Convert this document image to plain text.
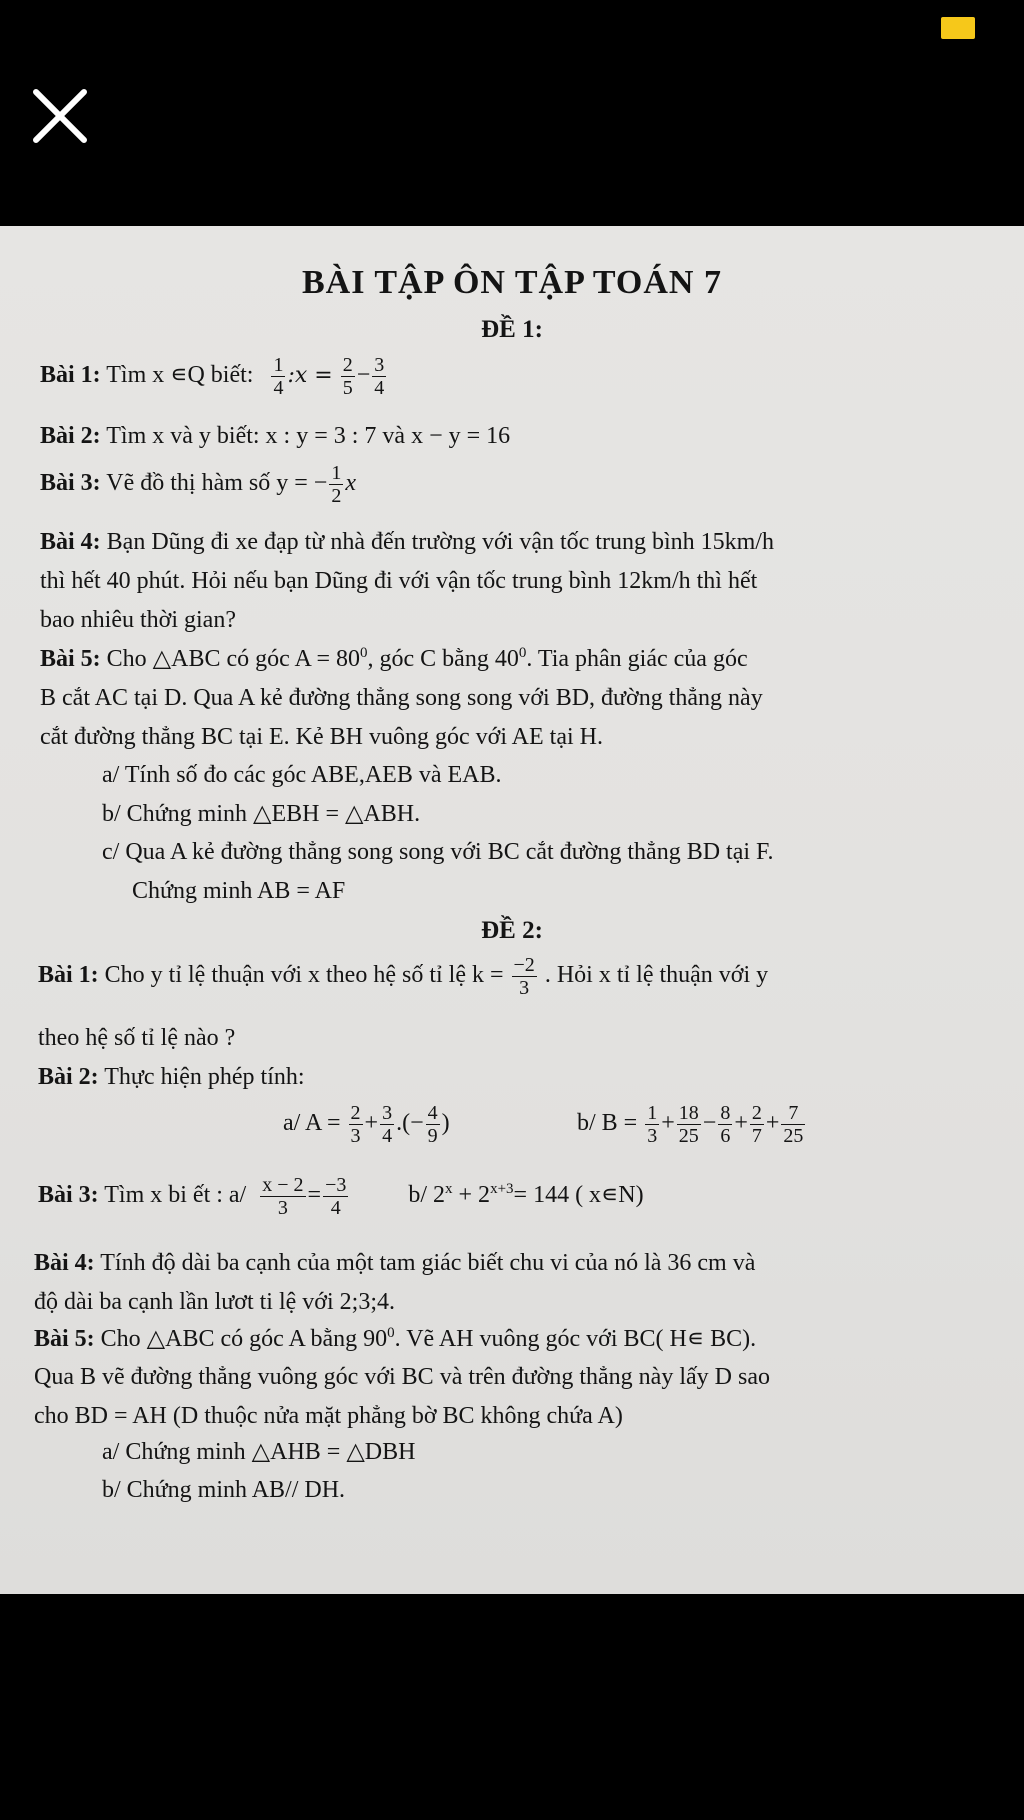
BÀI TẬP ÔN TẬP TOÁN 7
ĐỀ 1:
Bài 1: Tìm x ∊Q biết: $\frac{1}{4}$ :x = $\frac{2}{5} - \frac{3}{4}$
Bài 2: Tìm x và y biết: x : y = 3 : 7 và x − y = 16
Bài 3: Vẽ đồ thị hàm số y = − $\frac{1}{2}$ x
Bài 4: Bạn Dũng đi xe đạp từ nhà đến trường với vận tốc trung bình 15km/h
thì hết 40 phút. Hỏi nếu bạn Dũng đi với vận tốc trung bình 12km/h thì hết
bao nhiêu thời gian?
Bài 5: Cho △ABC có góc $A = 80^0$, góc C bằng $40^0$. Tia phân giác của góc
B cắt AC tại D. Qua A kẻ đường thẳng song song với BD, đường thẳng này
cắt đường thẳng BC tại E. Kẻ BH vuông góc với AE tại H.
a/ Tính số đo các góc ABE,AEB và EAB.
b/ Chứng minh △EBH = △ABH.
c/ Qua A kẻ đường thẳng song song với BC cắt đường thẳng BD tại F.
Chứng minh AB = AF
ĐỀ 2:
Bài 1: Cho y tỉ lệ thuận với x theo hệ số tỉ lệ $k = \frac{-2}{3}$ . Hỏi x tỉ lệ thuận với y
theo hệ số tỉ lệ nào ?
Bài 2: Thực hiện phép tính:
a/ $A = \frac{2}{3} + \frac{3}{4}$ .(− $\frac{4}{9}$ )	b/ $B = \frac{1}{3} + \frac{18}{25} - \frac{8}{6} + \frac{2}{7} + \frac{7}{25}$
Bài 3: Tìm x bi ết : $a/ \frac{x - 2}{3} = \frac{-3}{4}$	b/ $2^x + 2^{x+3}= 144$ ( x∊N)
Bài 4: Tính độ dài ba cạnh của một tam giác biết chu vi của nó là 36 cm và
độ dài ba cạnh lần lươt ti lệ với 2;3;4.
Bài 5: Cho △ABC có góc A bằng $90^0$. Vẽ AH vuông góc với BC( H∊ BC).
Qua B vẽ đường thẳng vuông góc với BC và trên đường thẳng này lấy D sao
cho BD = AH (D thuộc nửa mặt phẳng bờ BC không chứa A)
a/ Chứng minh △AHB = △DBH
b/ Chứng minh AB// DH.
